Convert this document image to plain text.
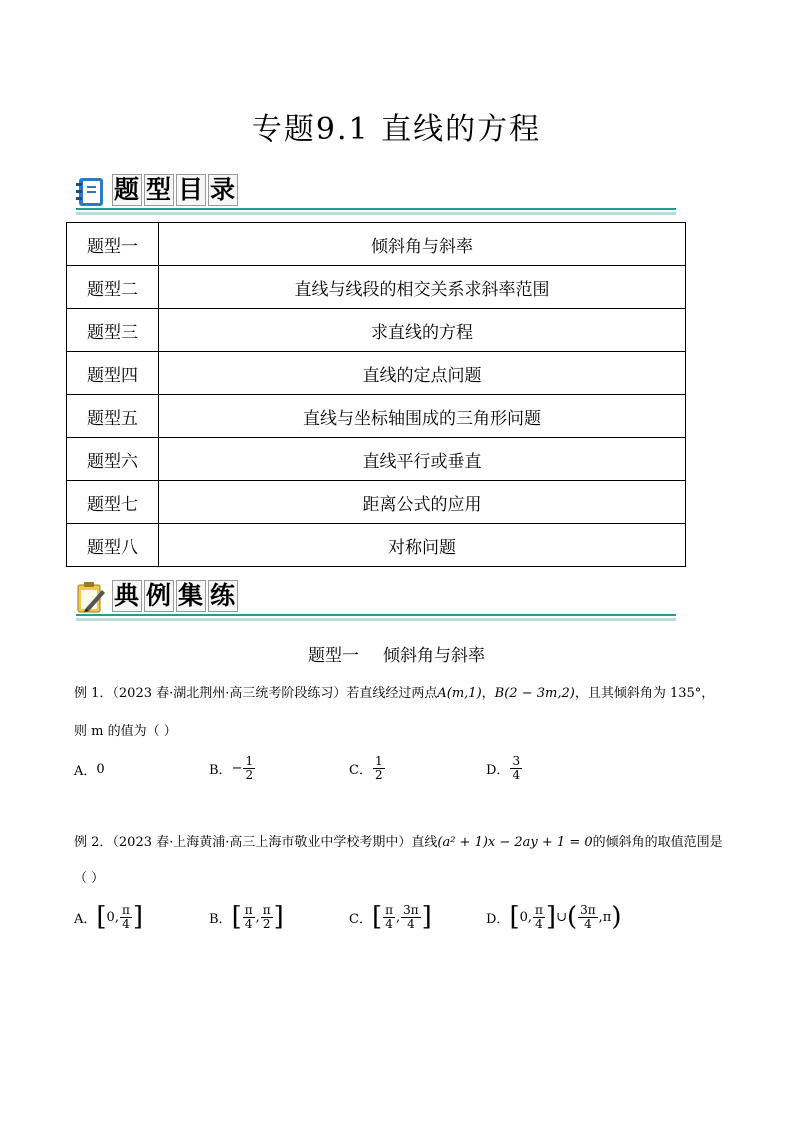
专题9.1 直线的方程
题 型 目 录
题型一	倾斜角与斜率
题型二	直线与线段的相交关系求斜率范围
题型三	求直线的方程
题型四	直线的定点问题
题型五	直线与坐标轴围成的三角形问题
题型六	直线平行或垂直
题型七	距离公式的应用
题型八	对称问题
典 例 集 练
题型一 倾斜角与斜率
例 1．（2023 春·湖北荆州·高三统考阶段练习）若直线经过两点A(m,1)，B(2 − 3m,2)，且其倾斜角为 135°，
则 m 的值为（ ）
A． 0	B． − $\frac{1}{2}$	C． $\frac{1}{2}$	D． $\frac{3}{4}$
例 2．（2023 春·上海黄浦·高三上海市敬业中学校考期中）直线(a² + 1)x − 2ay + 1 = 0的倾斜角的取值范围是
（ ）
A． [ 0 , $\frac{\pi}{4}$ ]	B． [ $\frac{\pi}{4}$ , $\frac{\pi}{2}$ ]	C． [ $\frac{\pi}{4}$ , $\frac{3\pi}{4}$ ]	D． [ 0 , $\frac{\pi}{4}$ ] ∪ ( $\frac{3\pi}{4}$ , π )
